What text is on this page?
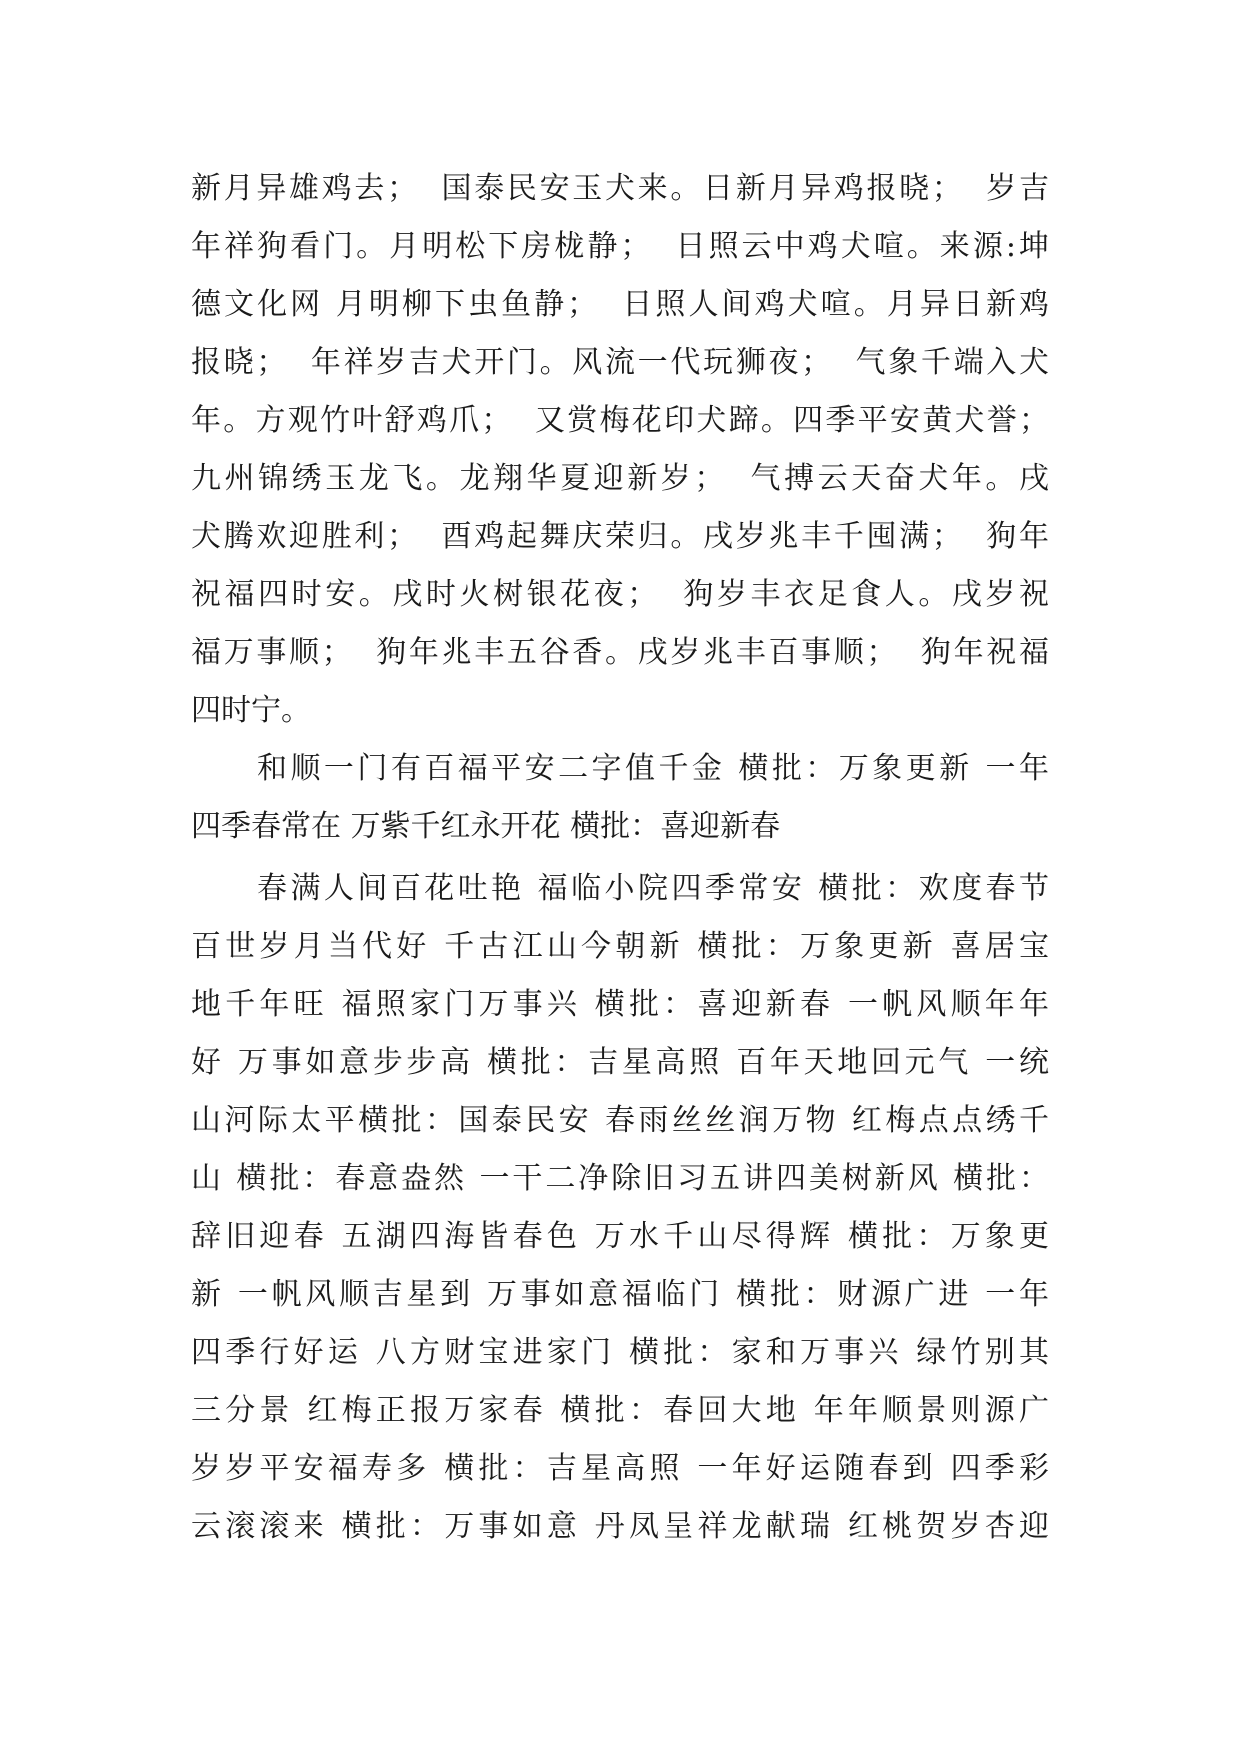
新月异雄鸡去；  国泰民安玉犬来。日新月异鸡报晓；  岁吉
年祥狗看门。月明松下房栊静；  日照云中鸡犬喧。来源:坤
德文化网 月明柳下虫鱼静；  日照人间鸡犬喧。月异日新鸡
报晓；  年祥岁吉犬开门。风流一代玩狮夜；  气象千端入犬
年。方观竹叶舒鸡爪；  又赏梅花印犬蹄。四季平安黄犬誉；
九州锦绣玉龙飞。龙翔华夏迎新岁；  气搏云天奋犬年。戌
犬腾欢迎胜利；  酉鸡起舞庆荣归。戌岁兆丰千囤满；  狗年
祝福四时安。戌时火树银花夜；  狗岁丰衣足食人。戌岁祝
福万事顺；  狗年兆丰五谷香。戌岁兆丰百事顺；  狗年祝福
四时宁。
和顺一门有百福平安二字值千金 横批：万象更新 一年
四季春常在 万紫千红永开花 横批：喜迎新春
春满人间百花吐艳 福临小院四季常安 横批：欢度春节
百世岁月当代好 千古江山今朝新 横批：万象更新 喜居宝
地千年旺 福照家门万事兴 横批：喜迎新春 一帆风顺年年
好 万事如意步步高 横批：吉星高照 百年天地回元气 一统
山河际太平横批：国泰民安 春雨丝丝润万物 红梅点点绣千
山 横批：春意盎然 一干二净除旧习五讲四美树新风 横批：
辞旧迎春 五湖四海皆春色 万水千山尽得辉 横批：万象更
新 一帆风顺吉星到 万事如意福临门 横批：财源广进 一年
四季行好运 八方财宝进家门 横批：家和万事兴 绿竹别其
三分景 红梅正报万家春 横批：春回大地 年年顺景则源广
岁岁平安福寿多 横批：吉星高照 一年好运随春到 四季彩
云滚滚来 横批：万事如意 丹凤呈祥龙献瑞 红桃贺岁杏迎
